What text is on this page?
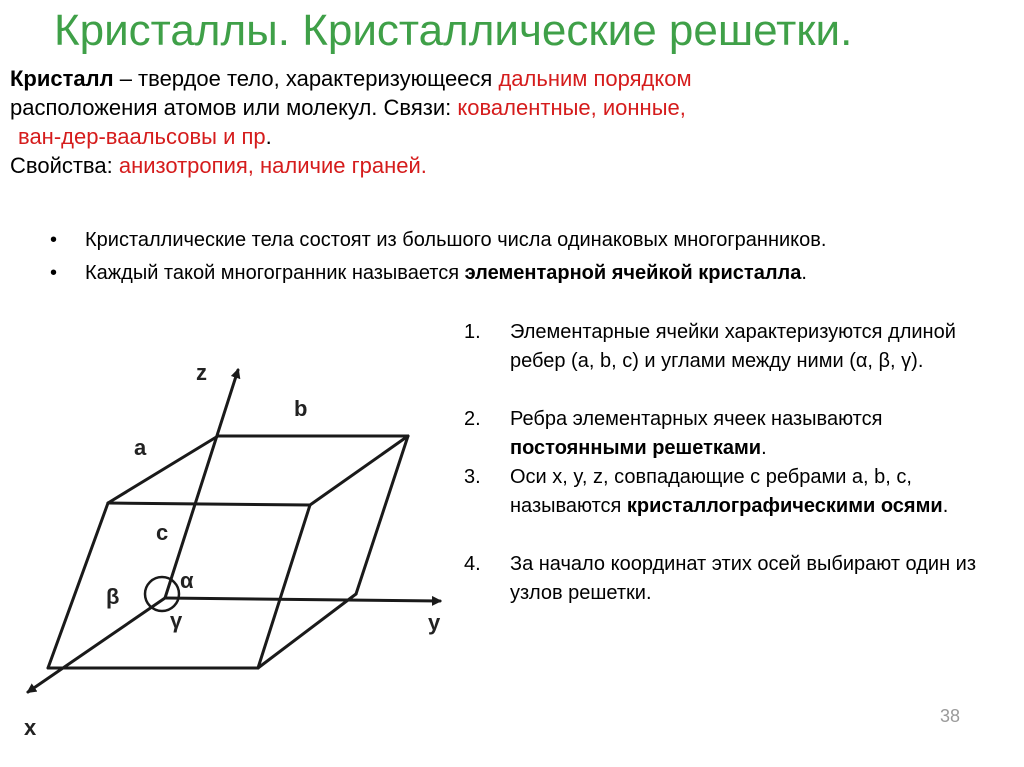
Кристаллы. Кристаллические решетки.
Кристалл – твердое тело, характеризующееся дальним порядком
расположения атомов или молекул. Связи: ковалентные, ионные,
ван-дер-ваальсовы и пр.
Свойства: анизотропия, наличие граней.
• Кристаллические тела состоят из большого числа одинаковых многогранников.
• Каждый такой многогранник называется элементарной ячейкой кристалла.
1. Элементарные ячейки характеризуются длиной ребер (a, b, c) и углами между ними (α, β, γ).
2. Ребра элементарных ячеек называются постоянными решетками.
3. Оси x, y, z, совпадающие с ребрами a, b, c, называются кристаллографическими осями.
4. За начало координат этих осей выбирают один из узлов решетки.
z
y
x
b
a
c
α
β
γ
38
